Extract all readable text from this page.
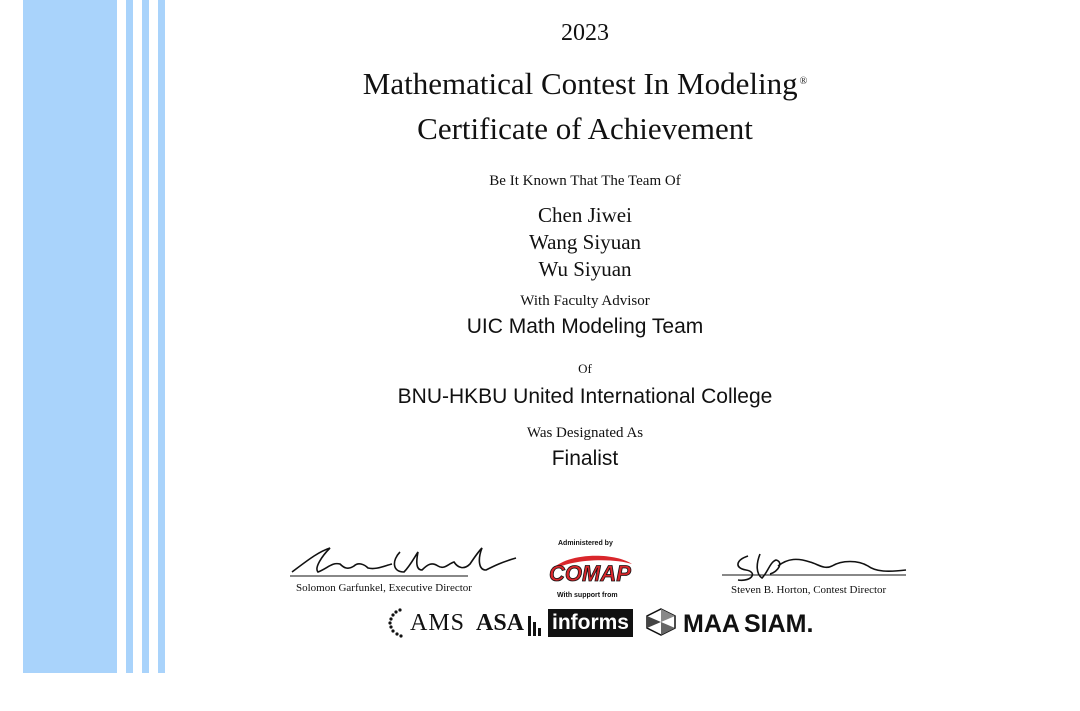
2023
Mathematical Contest In Modeling ®
Certificate of Achievement
Be It Known That The Team Of
Chen Jiwei
Wang Siyuan
Wu Siyuan
With Faculty Advisor
UIC Math Modeling Team
Of
BNU-HKBU United International College
Was Designated As
Finalist
Solomon Garfunkel, Executive Director	Steven B. Horton, Contest Director
Administered by
COMAP
With support from
AMS ASA informs MAA SIAM.
